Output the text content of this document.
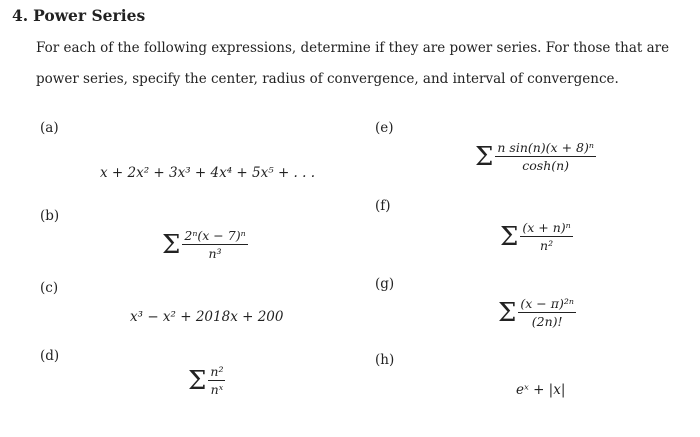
4. Power Series
For each of the following expressions, determine if they are power series. For those that are
power series, specify the center, radius of convergence, and interval of convergence.
(a)
x + 2x² + 3x³ + 4x⁴ + 5x⁵ + . . .
(b)
Σ $\frac{\text{2ⁿ(x − 7)ⁿ}}{\text{n³}}$
(c)
x³ − x² + 2018x + 200
(d)
Σ $\frac{\text{n²}}{\text{nˣ}}$
(e)
Σ $\frac{\text{n sin(n)(x + 8)ⁿ}}{\cosh(n)}$
(f)
Σ $\frac{\text{(x + n)ⁿ}}{\text{n²}}$
(g)
Σ $\frac{\text{(x − π)²ⁿ}}{(2n)!}$
(h)
eˣ + |x|
